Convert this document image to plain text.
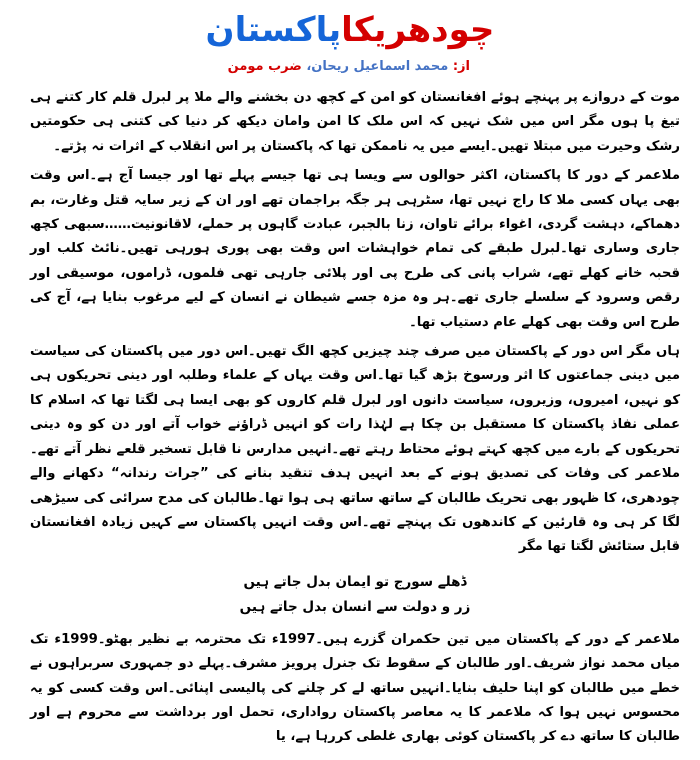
چودھریکاپاکستان
از: محمد اسماعیل ریحان، ضرب مومن

موت کے دروازے پر پہنچے ہوئے افغانستان کو امن کے کچھ دن بخشنے والے ملا پر لبرل قلم کار کتنے ہی تیغ پا ہوں مگر اس میں شک نہیں کہ اس ملک کا امن وامان دیکھ کر دنیا کی کتنی ہی حکومتیں رشک وحیرت میں مبتلا تھیں۔ایسے میں یہ ناممکن تھا کہ پاکستان پر اس انقلاب کے اثرات نہ پڑتے۔

ملاعمر کے دور کا پاکستان، اکثر حوالوں سے ویسا ہی تھا جیسے پہلے تھا اور جیسا آج ہے۔اس وقت بھی یہاں کسی ملا کا راج نہیں تھا، سٹرہی ہر جگہ براجمان تھے اور ان کے زیر سایہ قتل وغارت، بم دھماکے، دہشت گردی، اغواء برائے تاوان، زنا بالجبر، عبادت گاہوں پر حملے، لاقانونیت……سبھی کچھ جاری وساری تھا۔لبرل طبقے کی تمام خواہشات اس وقت بھی پوری ہورہی تھیں۔نائٹ کلب اور قحبہ خانے کھلے تھے، شراب پانی کی طرح پی اور پلائی جارہی تھی فلموں، ڈراموں، موسیقی اور رقص وسرود کے سلسلے جاری تھے۔ہر وہ مزہ جسے شیطان نے انسان کے لیے مرغوب بنایا ہے، آج کی طرح اس وقت بھی کھلے عام دستیاب تھا۔

ہاں مگر اس دور کے پاکستان میں صرف چند چیزیں کچھ الگ تھیں۔اس دور میں پاکستان کی سیاست میں دینی جماعتوں کا اثر ورسوخ بڑھ گیا تھا۔اس وقت یہاں کے علماء وطلبہ اور دینی تحریکوں ہی کو نہیں، امیروں، وزیروں، سیاست دانوں اور لبرل قلم کاروں کو بھی ایسا ہی لگتا تھا کہ اسلام کا عملی نفاذ پاکستان کا مستقبل بن چکا ہے لہٰذا رات کو انہیں ڈراؤنے خواب آتے اور دن کو وہ دینی تحریکوں کے بارے میں کچھ کہتے ہوئے محتاط رہتے تھے۔انہیں مدارس نا قابل تسخیر قلعے نظر آتے تھے۔ملاعمر کی وفات کی تصدیق ہونے کے بعد انہیں ہدف تنقید بنانے کی ”جرات رندانہ“ دکھانے والے چودھری، کا ظہور بھی تحریک طالبان کے ساتھ ساتھ ہی ہوا تھا۔طالبان کی مدح سرائی کی سیڑھی لگا کر ہی وہ قارئین کے کاندھوں تک پہنچے تھے۔اس وقت انہیں پاکستان سے کہیں زیادہ افغانستان قابل ستائش لگتا تھا مگر

ڈھلے سورج تو ایمان بدل جاتے ہیں
زر و دولت سے انسان بدل جاتے ہیں

ملاعمر کے دور کے پاکستان میں تین حکمران گزرے ہیں۔1997ء تک محترمہ بے نظیر بھٹو۔1999ء تک میاں محمد نواز شریف۔اور طالبان کے سقوط تک جنرل پرویز مشرف۔پہلے دو جمہوری سربراہوں نے خطے میں طالبان کو اپنا حلیف بنایا۔انہیں ساتھ لے کر چلنے کی پالیسی اپنائی۔اس وقت کسی کو یہ محسوس نہیں ہوا کہ ملاعمر کا یہ معاصر پاکستان رواداری، تحمل اور برداشت سے محروم ہے اور طالبان کا ساتھ دے کر پاکستان کوئی بھاری غلطی کررہا ہے، یا
